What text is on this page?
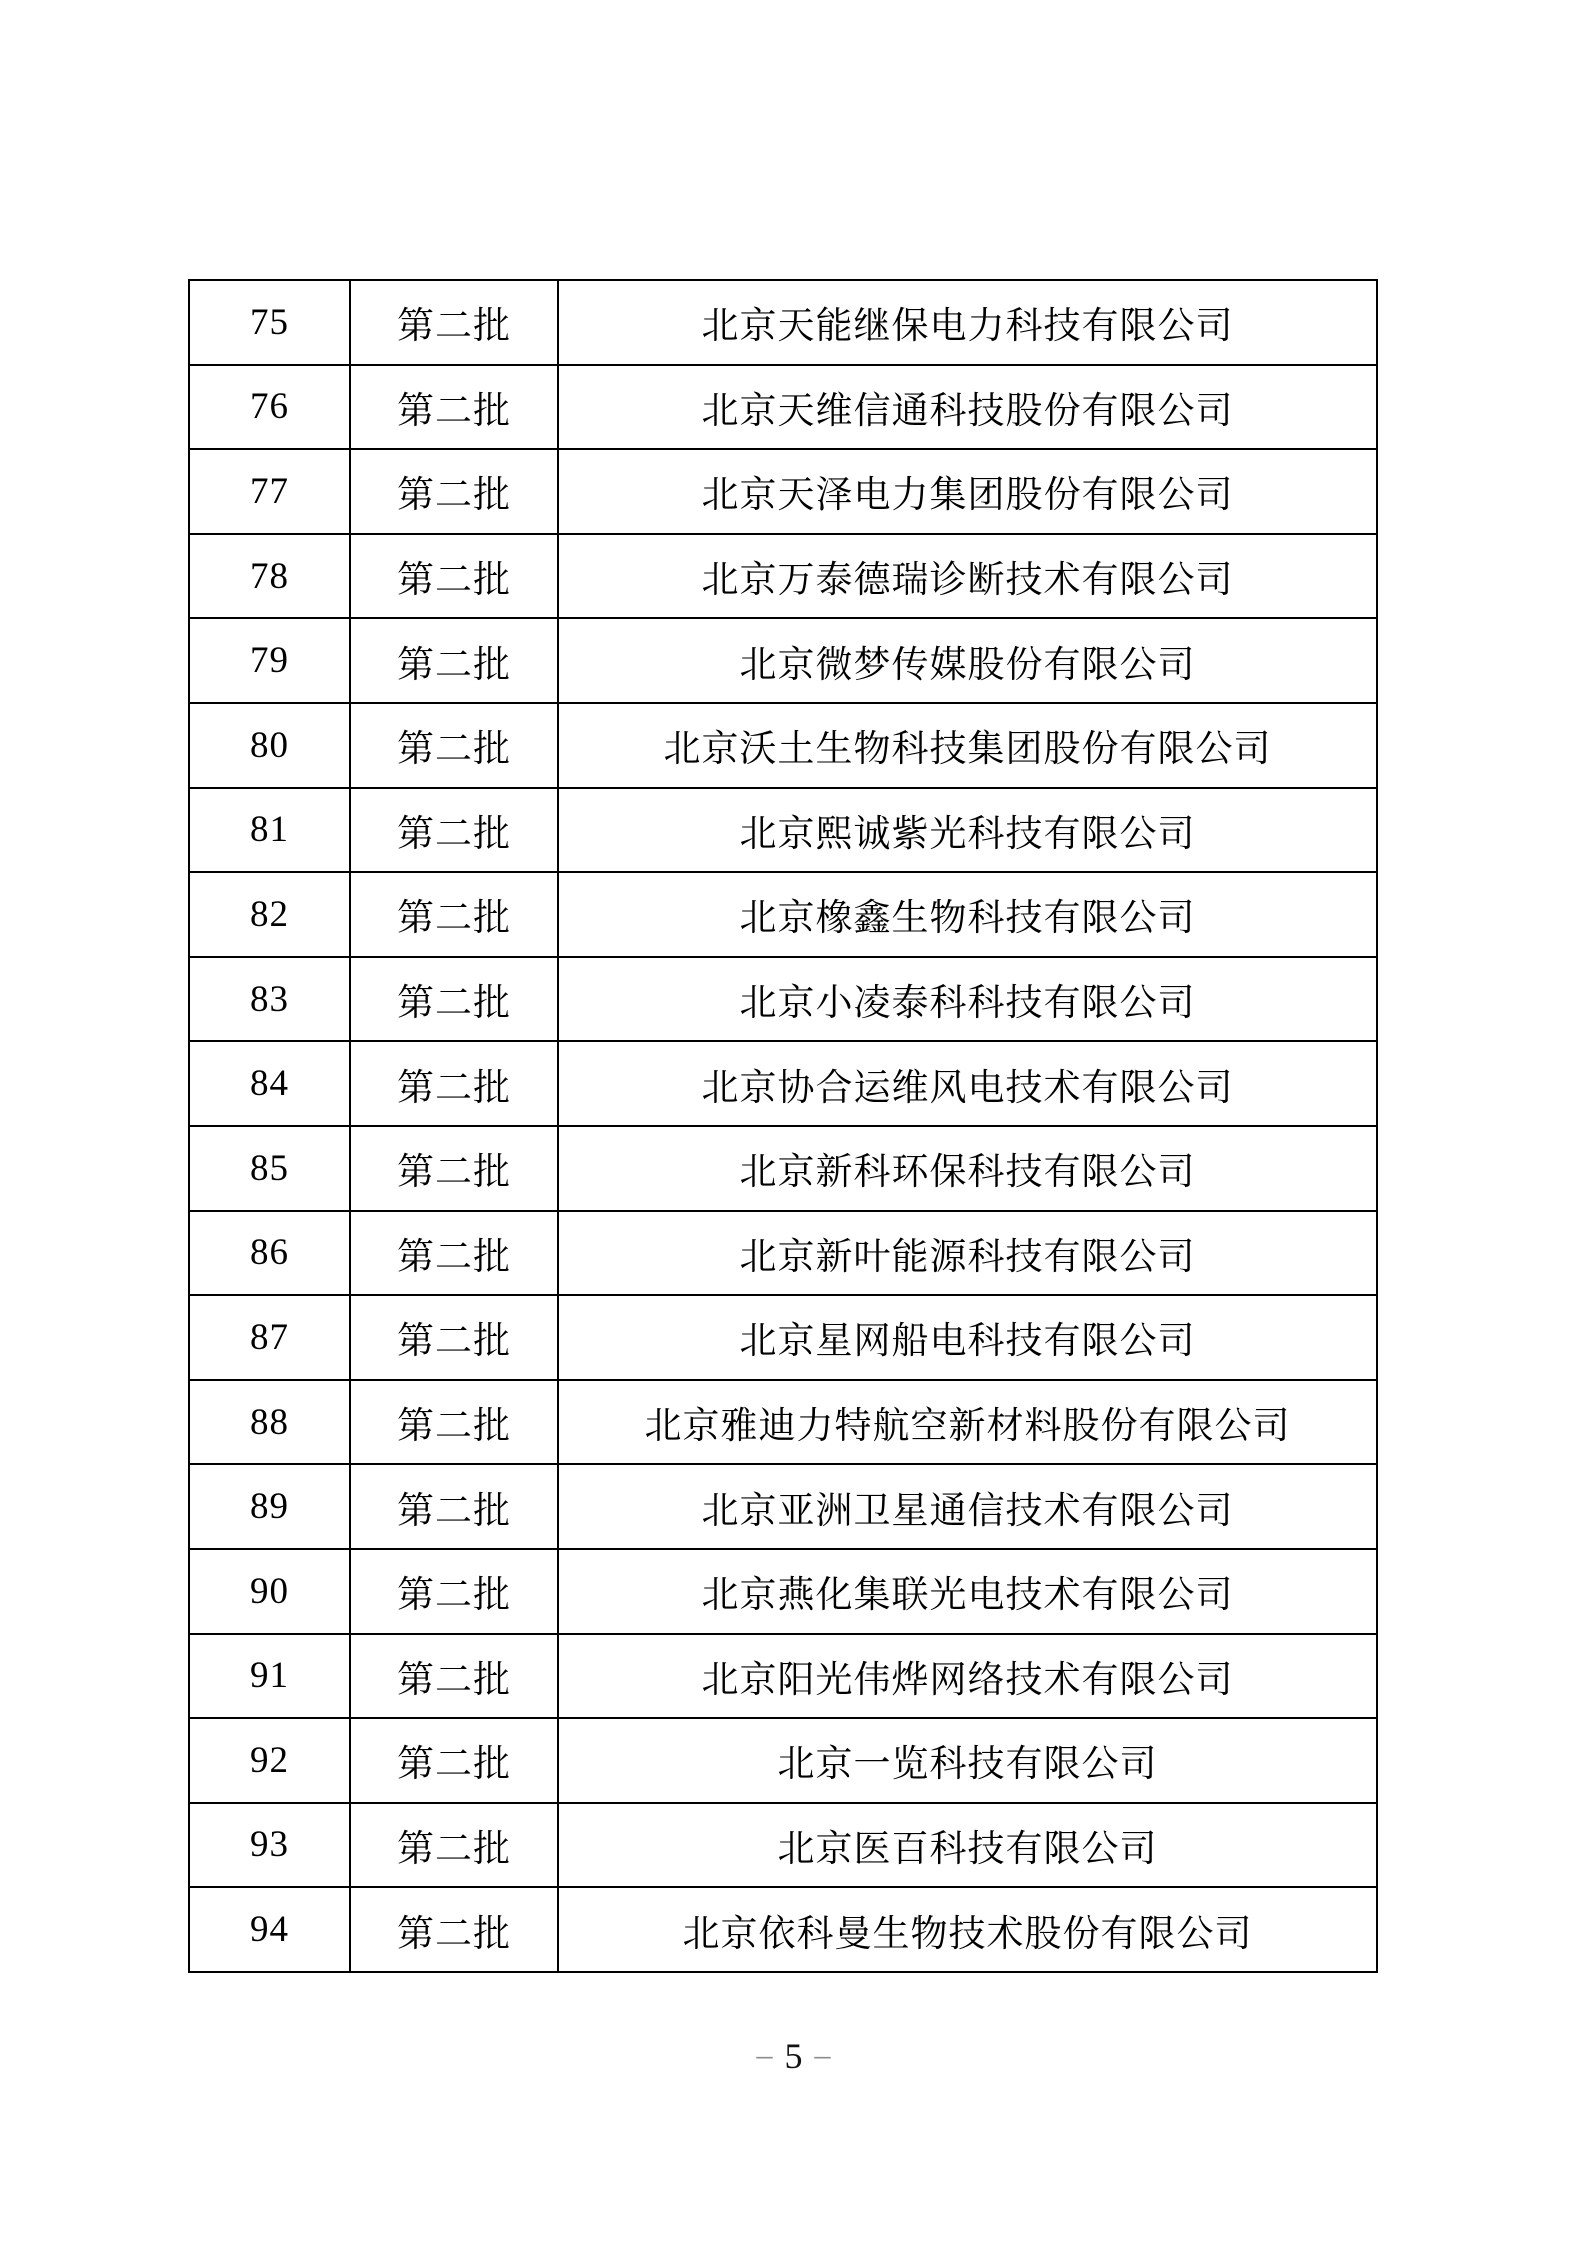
75	第二批	北京天能继保电力科技有限公司
76	第二批	北京天维信通科技股份有限公司
77	第二批	北京天泽电力集团股份有限公司
78	第二批	北京万泰德瑞诊断技术有限公司
79	第二批	北京微梦传媒股份有限公司
80	第二批	北京沃土生物科技集团股份有限公司
81	第二批	北京熙诚紫光科技有限公司
82	第二批	北京橡鑫生物科技有限公司
83	第二批	北京小凌泰科科技有限公司
84	第二批	北京协合运维风电技术有限公司
85	第二批	北京新科环保科技有限公司
86	第二批	北京新叶能源科技有限公司
87	第二批	北京星网船电科技有限公司
88	第二批	北京雅迪力特航空新材料股份有限公司
89	第二批	北京亚洲卫星通信技术有限公司
90	第二批	北京燕化集联光电技术有限公司
91	第二批	北京阳光伟烨网络技术有限公司
92	第二批	北京一览科技有限公司
93	第二批	北京医百科技有限公司
94	第二批	北京依科曼生物技术股份有限公司
– 5 –
